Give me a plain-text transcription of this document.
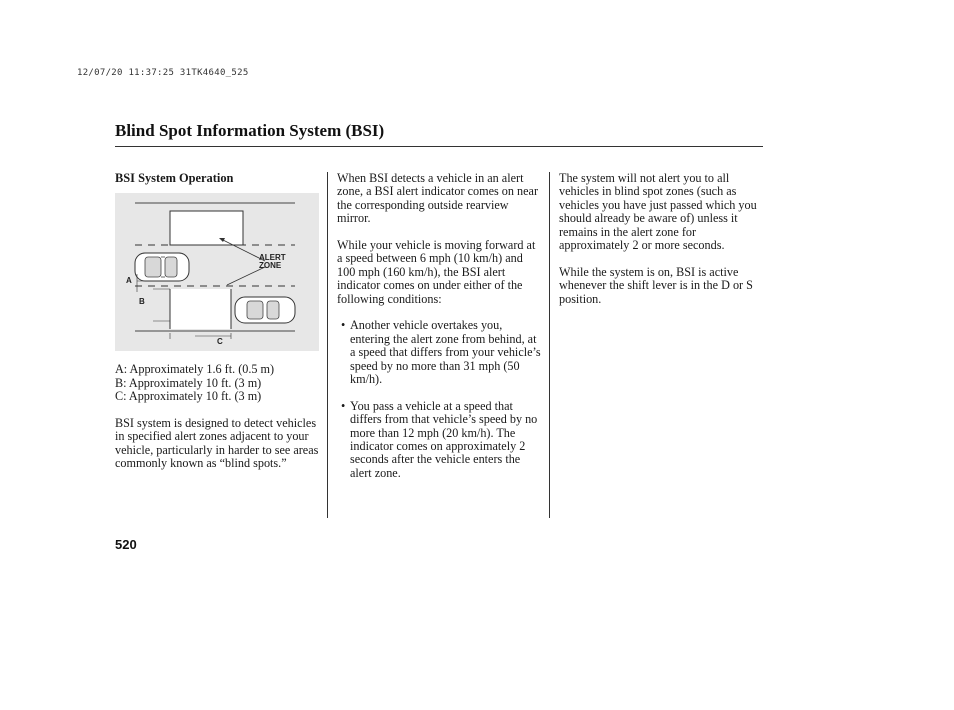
12/07/20 11:37:25 31TK4640_525
Blind Spot Information System (BSI)

BSI System Operation

ALERT
ZONE
A
B
C

A: Approximately 1.6 ft. (0.5 m)

B: Approximately 10 ft. (3 m)

C: Approximately 10 ft. (3 m)

BSI system is designed to detect vehicles in specified alert zones adjacent to your vehicle, particularly in harder to see areas commonly known as “blind spots.”

When BSI detects a vehicle in an alert zone, a BSI alert indicator comes on near the corresponding outside rearview mirror.

While your vehicle is moving forward at a speed between 6 mph (10 km/h) and 100 mph (160 km/h), the BSI alert indicator comes on under either of the following conditions:

• Another vehicle overtakes you, entering the alert zone from behind, at a speed that differs from your vehicle’s speed by no more than 31 mph (50 km/h).
• You pass a vehicle at a speed that differs from that vehicle’s speed by no more than 12 mph (20 km/h). The indicator comes on approximately 2 seconds after the vehicle enters the alert zone.

The system will not alert you to all vehicles in blind spot zones (such as vehicles you have just passed which you should already be aware of) unless it remains in the alert zone for approximately 2 or more seconds.

While the system is on, BSI is active whenever the shift lever is in the D or S position.

520
